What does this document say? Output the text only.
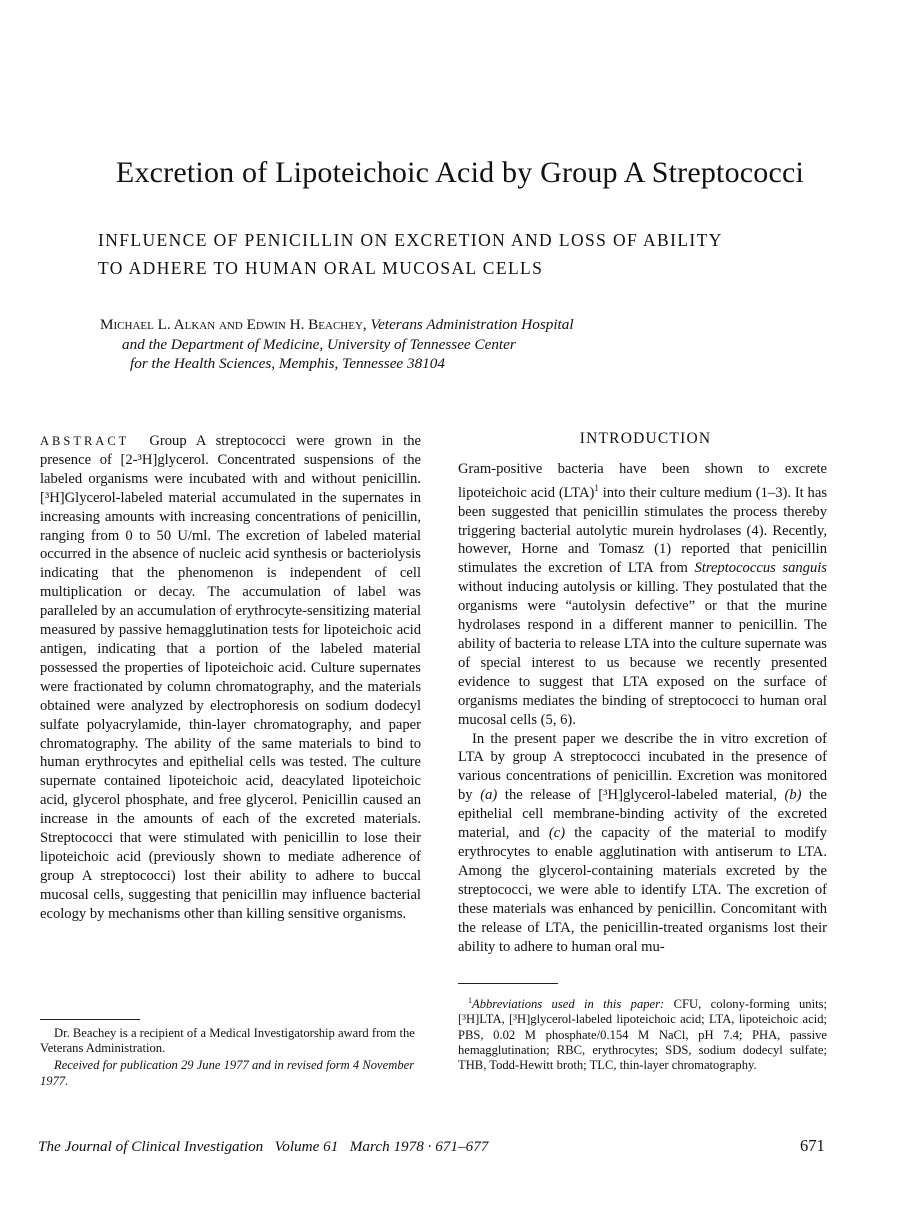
Excretion of Lipoteichoic Acid by Group A Streptococci
INFLUENCE OF PENICILLIN ON EXCRETION AND LOSS OF ABILITY
TO ADHERE TO HUMAN ORAL MUCOSAL CELLS
Michael L. Alkan and Edwin H. Beachey, Veterans Administration Hospital
and the Department of Medicine, University of Tennessee Center
for the Health Sciences, Memphis, Tennessee 38104
ABSTRACT Group A streptococci were grown in the presence of [2-³H]glycerol. Concentrated suspensions of the labeled organisms were incubated with and without penicillin. [³H]Glycerol-labeled material accumulated in the supernates in increasing amounts with increasing concentrations of penicillin, ranging from 0 to 50 U/ml. The excretion of labeled material occurred in the absence of nucleic acid synthesis or bacteriolysis indicating that the phenomenon is independent of cell multiplication or decay. The accumulation of label was paralleled by an accumulation of erythrocyte-sensitizing material measured by passive hemagglutination tests for lipoteichoic acid antigen, indicating that a portion of the labeled material possessed the properties of lipoteichoic acid. Culture supernates were fractionated by column chromatography, and the materials obtained were analyzed by electrophoresis on sodium dodecyl sulfate polyacrylamide, thin-layer chromatography, and paper chromatography. The ability of the same materials to bind to human erythrocytes and epithelial cells was tested. The culture supernate contained lipoteichoic acid, deacylated lipoteichoic acid, glycerol phosphate, and free glycerol. Penicillin caused an increase in the amounts of each of the excreted materials. Streptococci that were stimulated with penicillin to lose their lipoteichoic acid (previously shown to mediate adherence of group A streptococci) lost their ability to adhere to buccal mucosal cells, suggesting that penicillin may influence bacterial ecology by mechanisms other than killing sensitive organisms.
INTRODUCTION

Gram-positive bacteria have been shown to excrete lipoteichoic acid (LTA)$^1$ into their culture medium (1–3). It has been suggested that penicillin stimulates the process thereby triggering bacterial autolytic murein hydrolases (4). Recently, however, Horne and Tomasz (1) reported that penicillin stimulates the excretion of LTA from Streptococcus sanguis without inducing autolysis or killing. They postulated that the organisms were “autolysin defective” or that the murine hydrolases respond in a different manner to penicillin. The ability of bacteria to release LTA into the culture supernate was of special interest to us because we recently presented evidence to suggest that LTA exposed on the surface of organisms mediates the binding of streptococci to human oral mucosal cells (5, 6).

In the present paper we describe the in vitro excretion of LTA by group A streptococci incubated in the presence of various concentrations of penicillin. Excretion was monitored by (a) the release of [³H]glycerol-labeled material, (b) the epithelial cell membrane-binding activity of the excreted material, and (c) the capacity of the material to modify erythrocytes to enable agglutination with antiserum to LTA. Among the glycerol-containing materials excreted by the streptococci, we were able to identify LTA. The excretion of these materials was enhanced by penicillin. Concomitant with the release of LTA, the penicillin-treated organisms lost their ability to adhere to human oral mu-

Dr. Beachey is a recipient of a Medical Investigatorship award from the Veterans Administration.

Received for publication 29 June 1977 and in revised form 4 November 1977.

$^1$Abbreviations used in this paper: CFU, colony-forming units; [³H]LTA, [³H]glycerol-labeled lipoteichoic acid; LTA, lipoteichoic acid; PBS, 0.02 M phosphate/0.154 M NaCl, pH 7.4; PHA, passive hemagglutination; RBC, erythrocytes; SDS, sodium dodecyl sulfate; THB, Todd-Hewitt broth; TLC, thin-layer chromatography.
The Journal of Clinical Investigation   Volume 61   March 1978 · 671–677	671
